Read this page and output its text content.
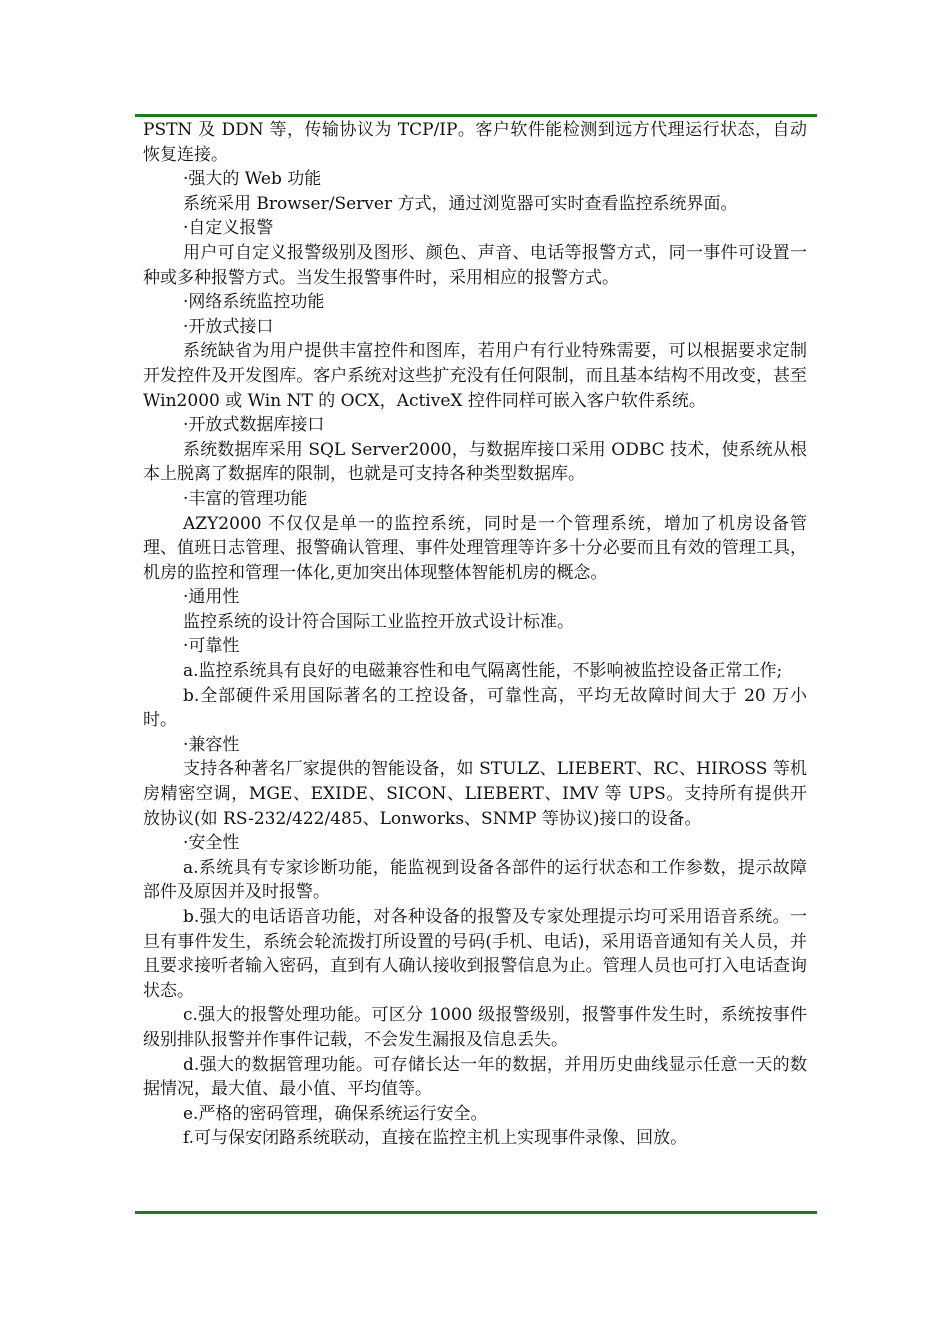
PSTN 及 DDN 等，传输协议为 TCP/IP。客户软件能检测到远方代理运行状态，自动恢复连接。

·强大的 Web 功能

系统采用 Browser/Server 方式，通过浏览器可实时查看监控系统界面。

·自定义报警

用户可自定义报警级别及图形、颜色、声音、电话等报警方式，同一事件可设置一种或多种报警方式。当发生报警事件时，采用相应的报警方式。

·网络系统监控功能

·开放式接口

系统缺省为用户提供丰富控件和图库，若用户有行业特殊需要，可以根据要求定制开发控件及开发图库。客户系统对这些扩充没有任何限制，而且基本结构不用改变，甚至 Win2000 或 Win NT 的 OCX，ActiveX 控件同样可嵌入客户软件系统。

·开放式数据库接口

系统数据库采用 SQL Server2000，与数据库接口采用 ODBC 技术，使系统从根本上脱离了数据库的限制，也就是可支持各种类型数据库。

·丰富的管理功能

AZY2000 不仅仅是单一的监控系统，同时是一个管理系统，增加了机房设备管理、值班日志管理、报警确认管理、事件处理管理等许多十分必要而且有效的管理工具，机房的监控和管理一体化,更加突出体现整体智能机房的概念。

·通用性

监控系统的设计符合国际工业监控开放式设计标准。

·可靠性

a.监控系统具有良好的电磁兼容性和电气隔离性能，不影响被监控设备正常工作;

b.全部硬件采用国际著名的工控设备，可靠性高，平均无故障时间大于 20 万小时。

·兼容性

支持各种著名厂家提供的智能设备，如 STULZ、LIEBERT、RC、HIROSS 等机房精密空调，MGE、EXIDE、SICON、LIEBERT、IMV 等 UPS。支持所有提供开放协议(如 RS-232/422/485、Lonworks、SNMP 等协议)接口的设备。

·安全性

a.系统具有专家诊断功能，能监视到设备各部件的运行状态和工作参数，提示故障部件及原因并及时报警。

b.强大的电话语音功能，对各种设备的报警及专家处理提示均可采用语音系统。一旦有事件发生，系统会轮流拨打所设置的号码(手机、电话)，采用语音通知有关人员，并且要求接听者输入密码，直到有人确认接收到报警信息为止。管理人员也可打入电话查询状态。

c.强大的报警处理功能。可区分 1000 级报警级别，报警事件发生时，系统按事件级别排队报警并作事件记载，不会发生漏报及信息丢失。

d.强大的数据管理功能。可存储长达一年的数据，并用历史曲线显示任意一天的数据情况，最大值、最小值、平均值等。

e.严格的密码管理，确保系统运行安全。

f.可与保安闭路系统联动，直接在监控主机上实现事件录像、回放。
